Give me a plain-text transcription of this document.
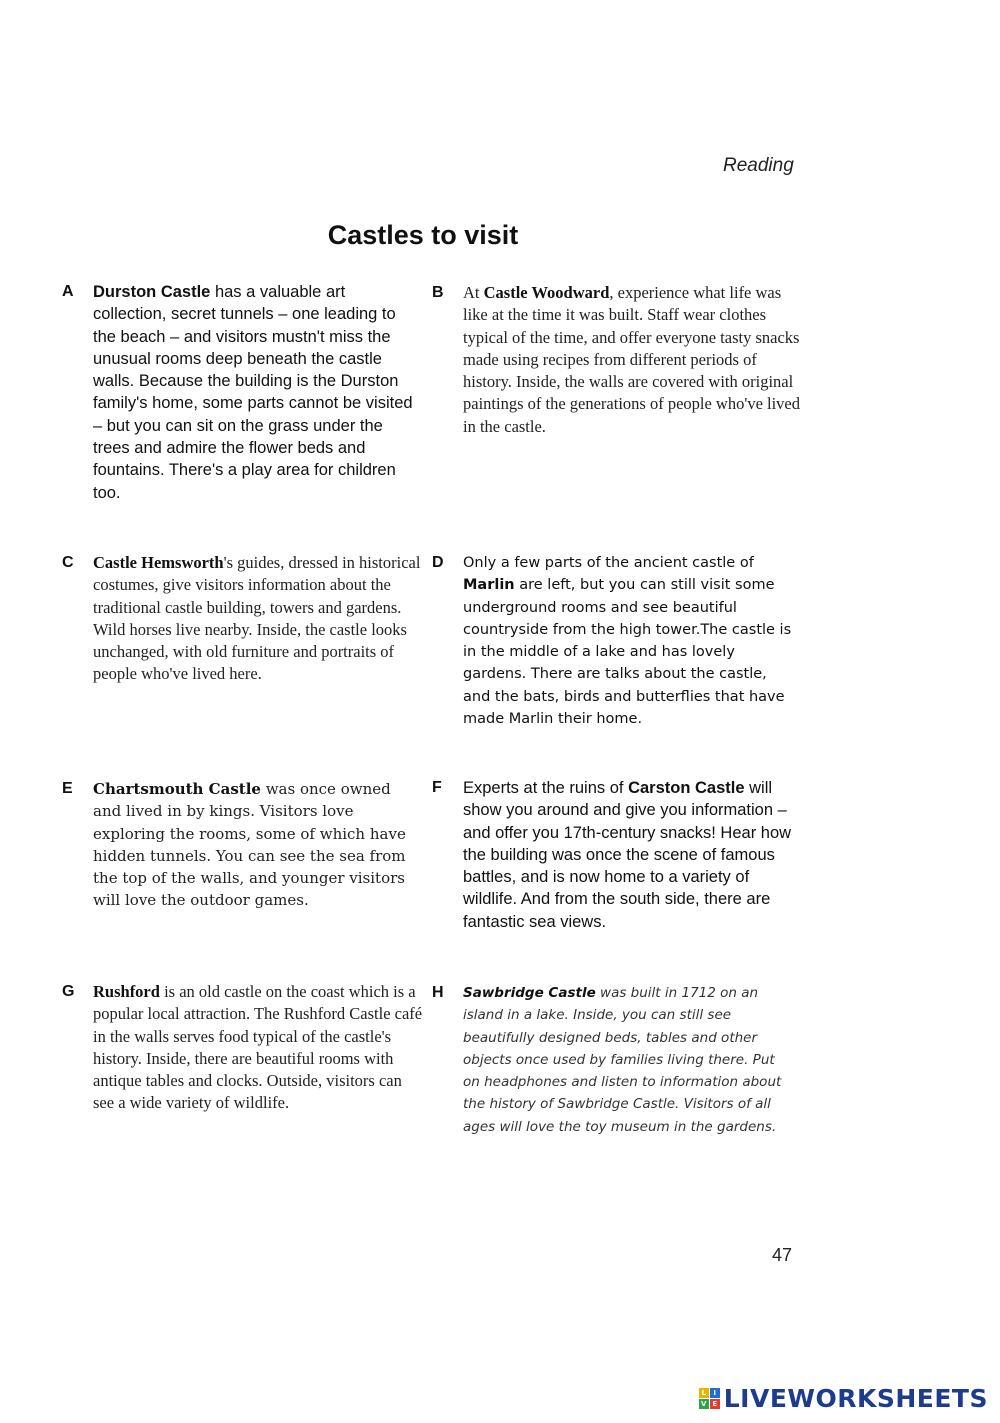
Reading
Castles to visit
A Durston Castle has a valuable art collection, secret tunnels – one leading to the beach – and visitors mustn't miss the unusual rooms deep beneath the castle walls. Because the building is the Durston family's home, some parts cannot be visited – but you can sit on the grass under the trees and admire the flower beds and fountains. There's a play area for children too.

B At Castle Woodward, experience what life was like at the time it was built. Staff wear clothes typical of the time, and offer everyone tasty snacks made using recipes from different periods of history. Inside, the walls are covered with original paintings of the generations of people who've lived in the castle.

C Castle Hemsworth's guides, dressed in historical costumes, give visitors information about the traditional castle building, towers and gardens. Wild horses live nearby. Inside, the castle looks unchanged, with old furniture and portraits of people who've lived here.

D Only a few parts of the ancient castle of Marlin are left, but you can still visit some underground rooms and see beautiful countryside from the high tower.The castle is in the middle of a lake and has lovely gardens. There are talks about the castle, and the bats, birds and butterflies that have made Marlin their home.

E Chartsmouth Castle was once owned and lived in by kings. Visitors love exploring the rooms, some of which have hidden tunnels. You can see the sea from the top of the walls, and younger visitors will love the outdoor games.

F Experts at the ruins of Carston Castle will show you around and give you information – and offer you 17th-century snacks! Hear how the building was once the scene of famous battles, and is now home to a variety of wildlife. And from the south side, there are fantastic sea views.

G Rushford is an old castle on the coast which is a popular local attraction. The Rushford Castle café in the walls serves food typical of the castle's history. Inside, there are beautiful rooms with antique tables and clocks. Outside, visitors can see a wide variety of wildlife.

H Sawbridge Castle was built in 1712 on an island in a lake. Inside, you can still see beautifully designed beds, tables and other objects once used by families living there. Put on headphones and listen to information about the history of Sawbridge Castle. Visitors of all ages will love the toy museum in the gardens.

47
L	I
V E LIVEWORKSHEETS
